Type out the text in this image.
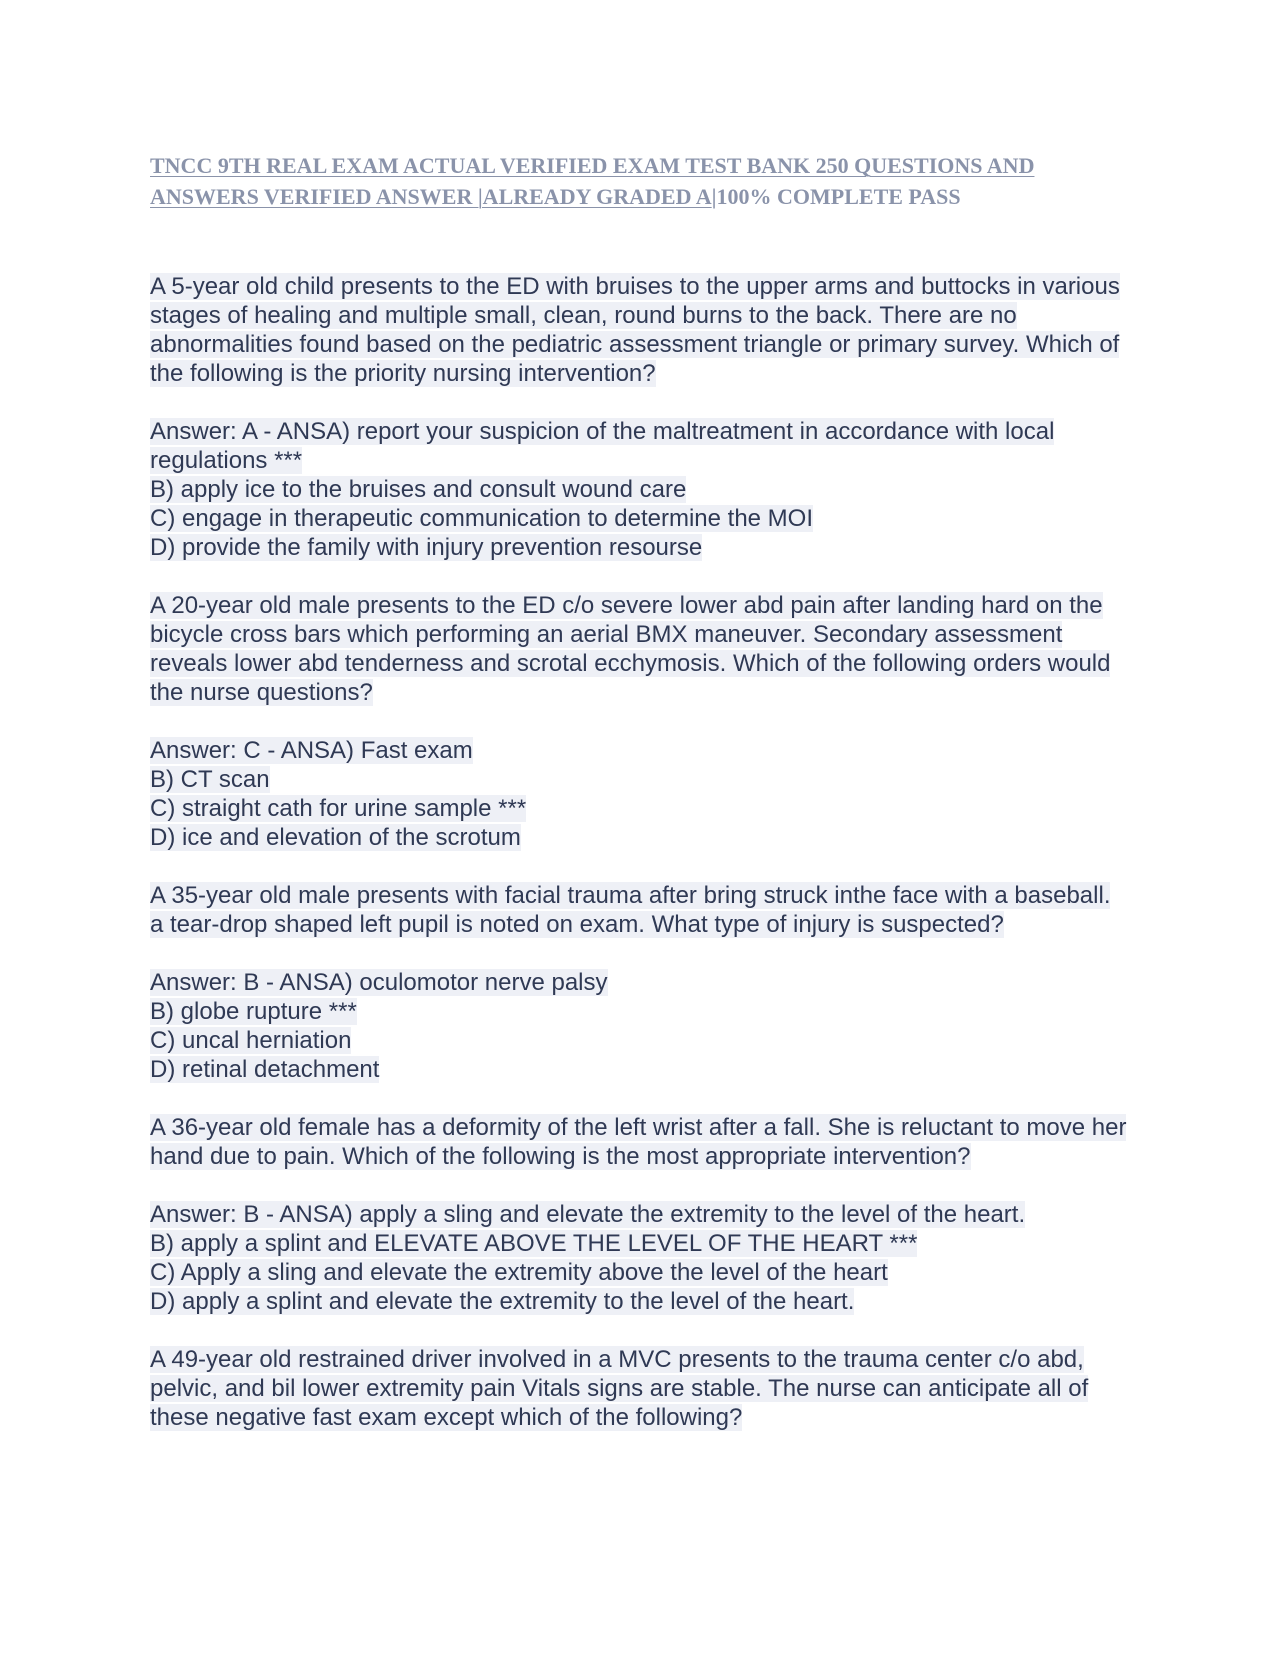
TNCC 9TH REAL EXAM ACTUAL VERIFIED EXAM TEST BANK 250 QUESTIONS AND ANSWERS VERIFIED ANSWER |ALREADY GRADED A|100% COMPLETE PASS

A 5-year old child presents to the ED with bruises to the upper arms and buttocks in various stages of healing and multiple small, clean, round burns to the back. There are no abnormalities found based on the pediatric assessment triangle or primary survey. Which of the following is the priority nursing intervention?
Answer: A - ANSA) report your suspicion of the maltreatment in accordance with local regulations ***
B) apply ice to the bruises and consult wound care
C) engage in therapeutic communication to determine the MOI
D) provide the family with injury prevention resourse
A 20-year old male presents to the ED c/o severe lower abd pain after landing hard on the bicycle cross bars which performing an aerial BMX maneuver. Secondary assessment reveals lower abd tenderness and scrotal ecchymosis. Which of the following orders would the nurse questions?
Answer: C - ANSA) Fast exam
B) CT scan
C) straight cath for urine sample ***
D) ice and elevation of the scrotum
A 35-year old male presents with facial trauma after bring struck inthe face with a baseball. a tear-drop shaped left pupil is noted on exam. What type of injury is suspected?
Answer: B - ANSA) oculomotor nerve palsy
B) globe rupture ***
C) uncal herniation
D) retinal detachment
A 36-year old female has a deformity of the left wrist after a fall. She is reluctant to move her hand due to pain. Which of the following is the most appropriate intervention?
Answer: B - ANSA) apply a sling and elevate the extremity to the level of the heart.
B) apply a splint and ELEVATE ABOVE THE LEVEL OF THE HEART ***
C) Apply a sling and elevate the extremity above the level of the heart
D) apply a splint and elevate the extremity to the level of the heart.
A 49-year old restrained driver involved in a MVC presents to the trauma center c/o abd, pelvic, and bil lower extremity pain Vitals signs are stable. The nurse can anticipate all of these negative fast exam except which of the following?
